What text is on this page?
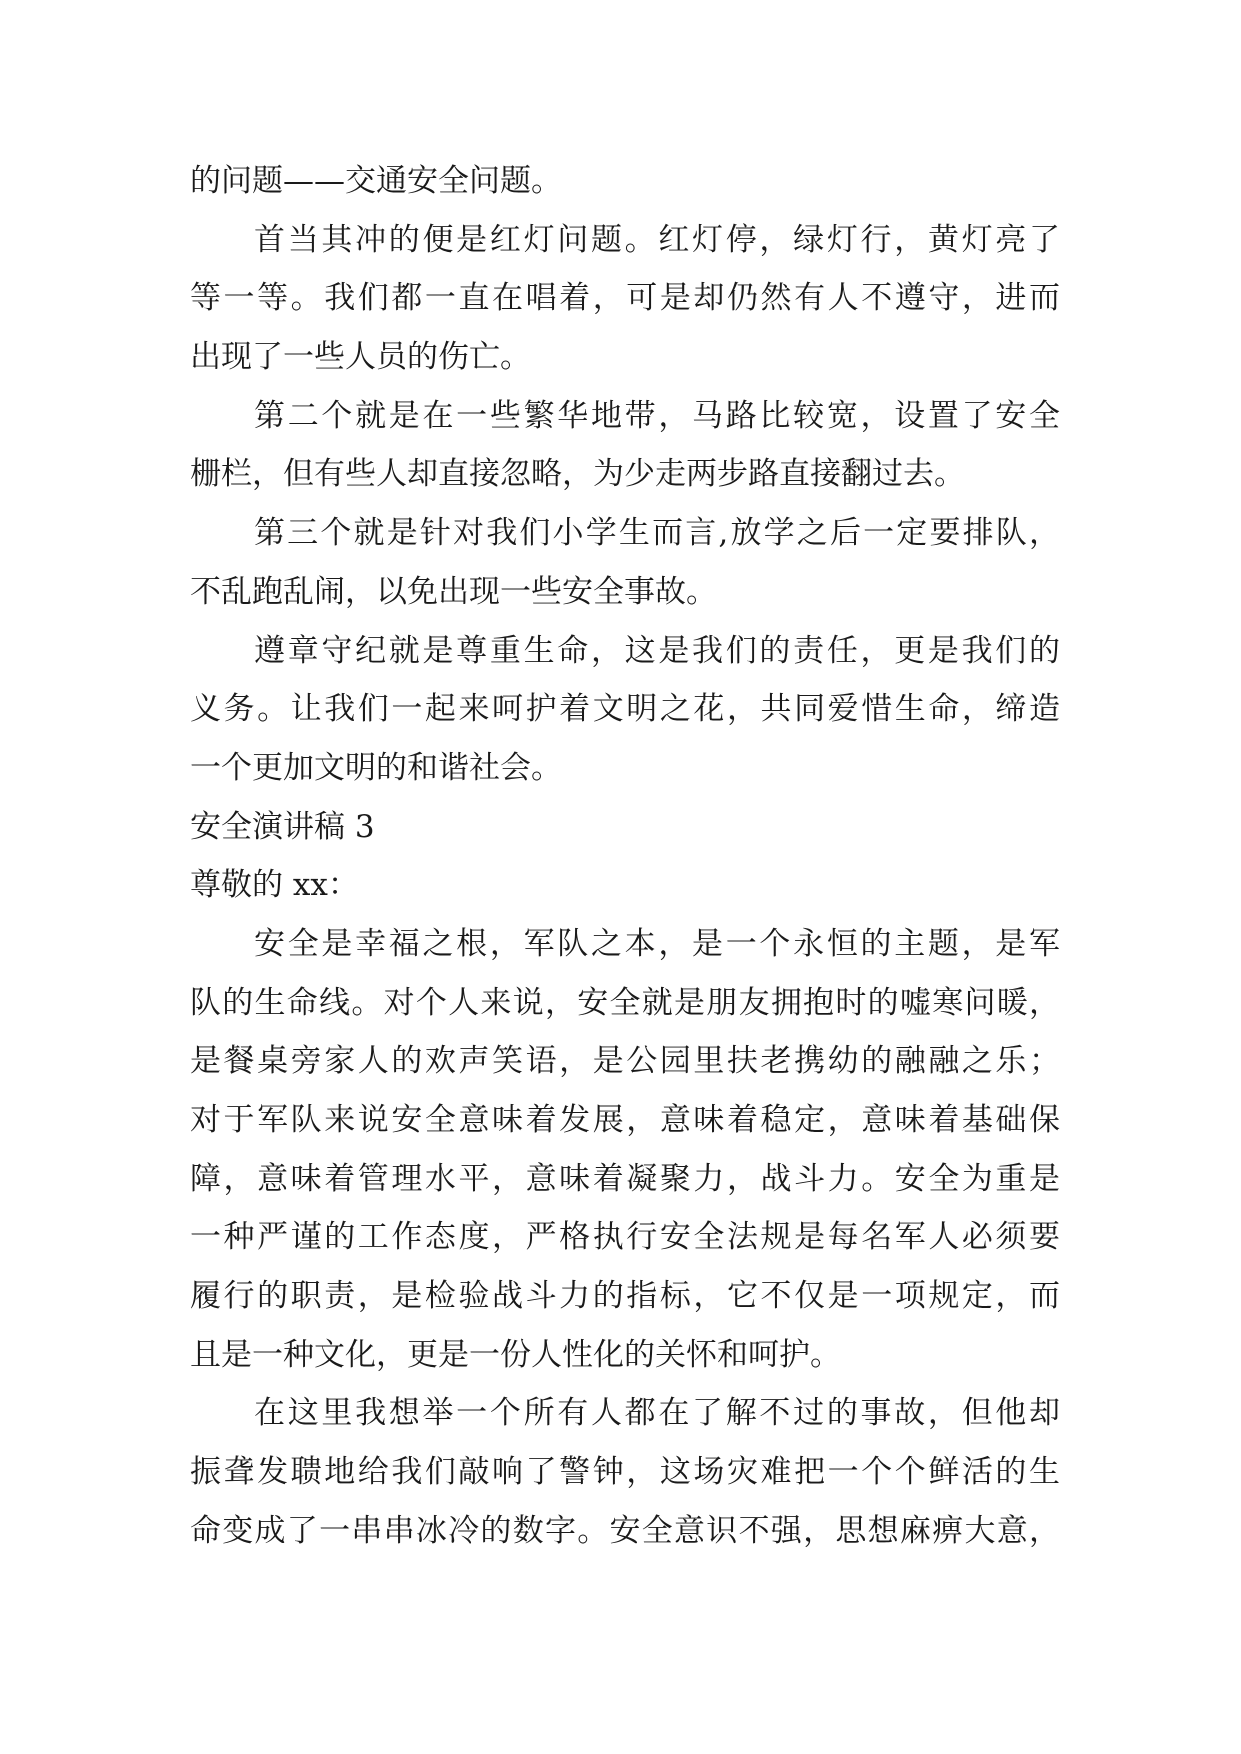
的问题——交通安全问题。
首当其冲的便是红灯问题。红灯停，绿灯行，黄灯亮了
等一等。我们都一直在唱着，可是却仍然有人不遵守，进而
出现了一些人员的伤亡。
第二个就是在一些繁华地带，马路比较宽，设置了安全
栅栏，但有些人却直接忽略，为少走两步路直接翻过去。
第三个就是针对我们小学生而言,放学之后一定要排队，
不乱跑乱闹，以免出现一些安全事故。
遵章守纪就是尊重生命，这是我们的责任，更是我们的
义务。让我们一起来呵护着文明之花，共同爱惜生命，缔造
一个更加文明的和谐社会。
安全演讲稿 3
尊敬的 xx：
安全是幸福之根，军队之本，是一个永恒的主题，是军
队的生命线。对个人来说，安全就是朋友拥抱时的嘘寒问暖，
是餐桌旁家人的欢声笑语，是公园里扶老携幼的融融之乐；
对于军队来说安全意味着发展，意味着稳定，意味着基础保
障，意味着管理水平，意味着凝聚力，战斗力。安全为重是
一种严谨的工作态度，严格执行安全法规是每名军人必须要
履行的职责，是检验战斗力的指标，它不仅是一项规定，而
且是一种文化，更是一份人性化的关怀和呵护。
在这里我想举一个所有人都在了解不过的事故，但他却
振聋发聩地给我们敲响了警钟，这场灾难把一个个鲜活的生
命变成了一串串冰冷的数字。安全意识不强，思想麻痹大意，
